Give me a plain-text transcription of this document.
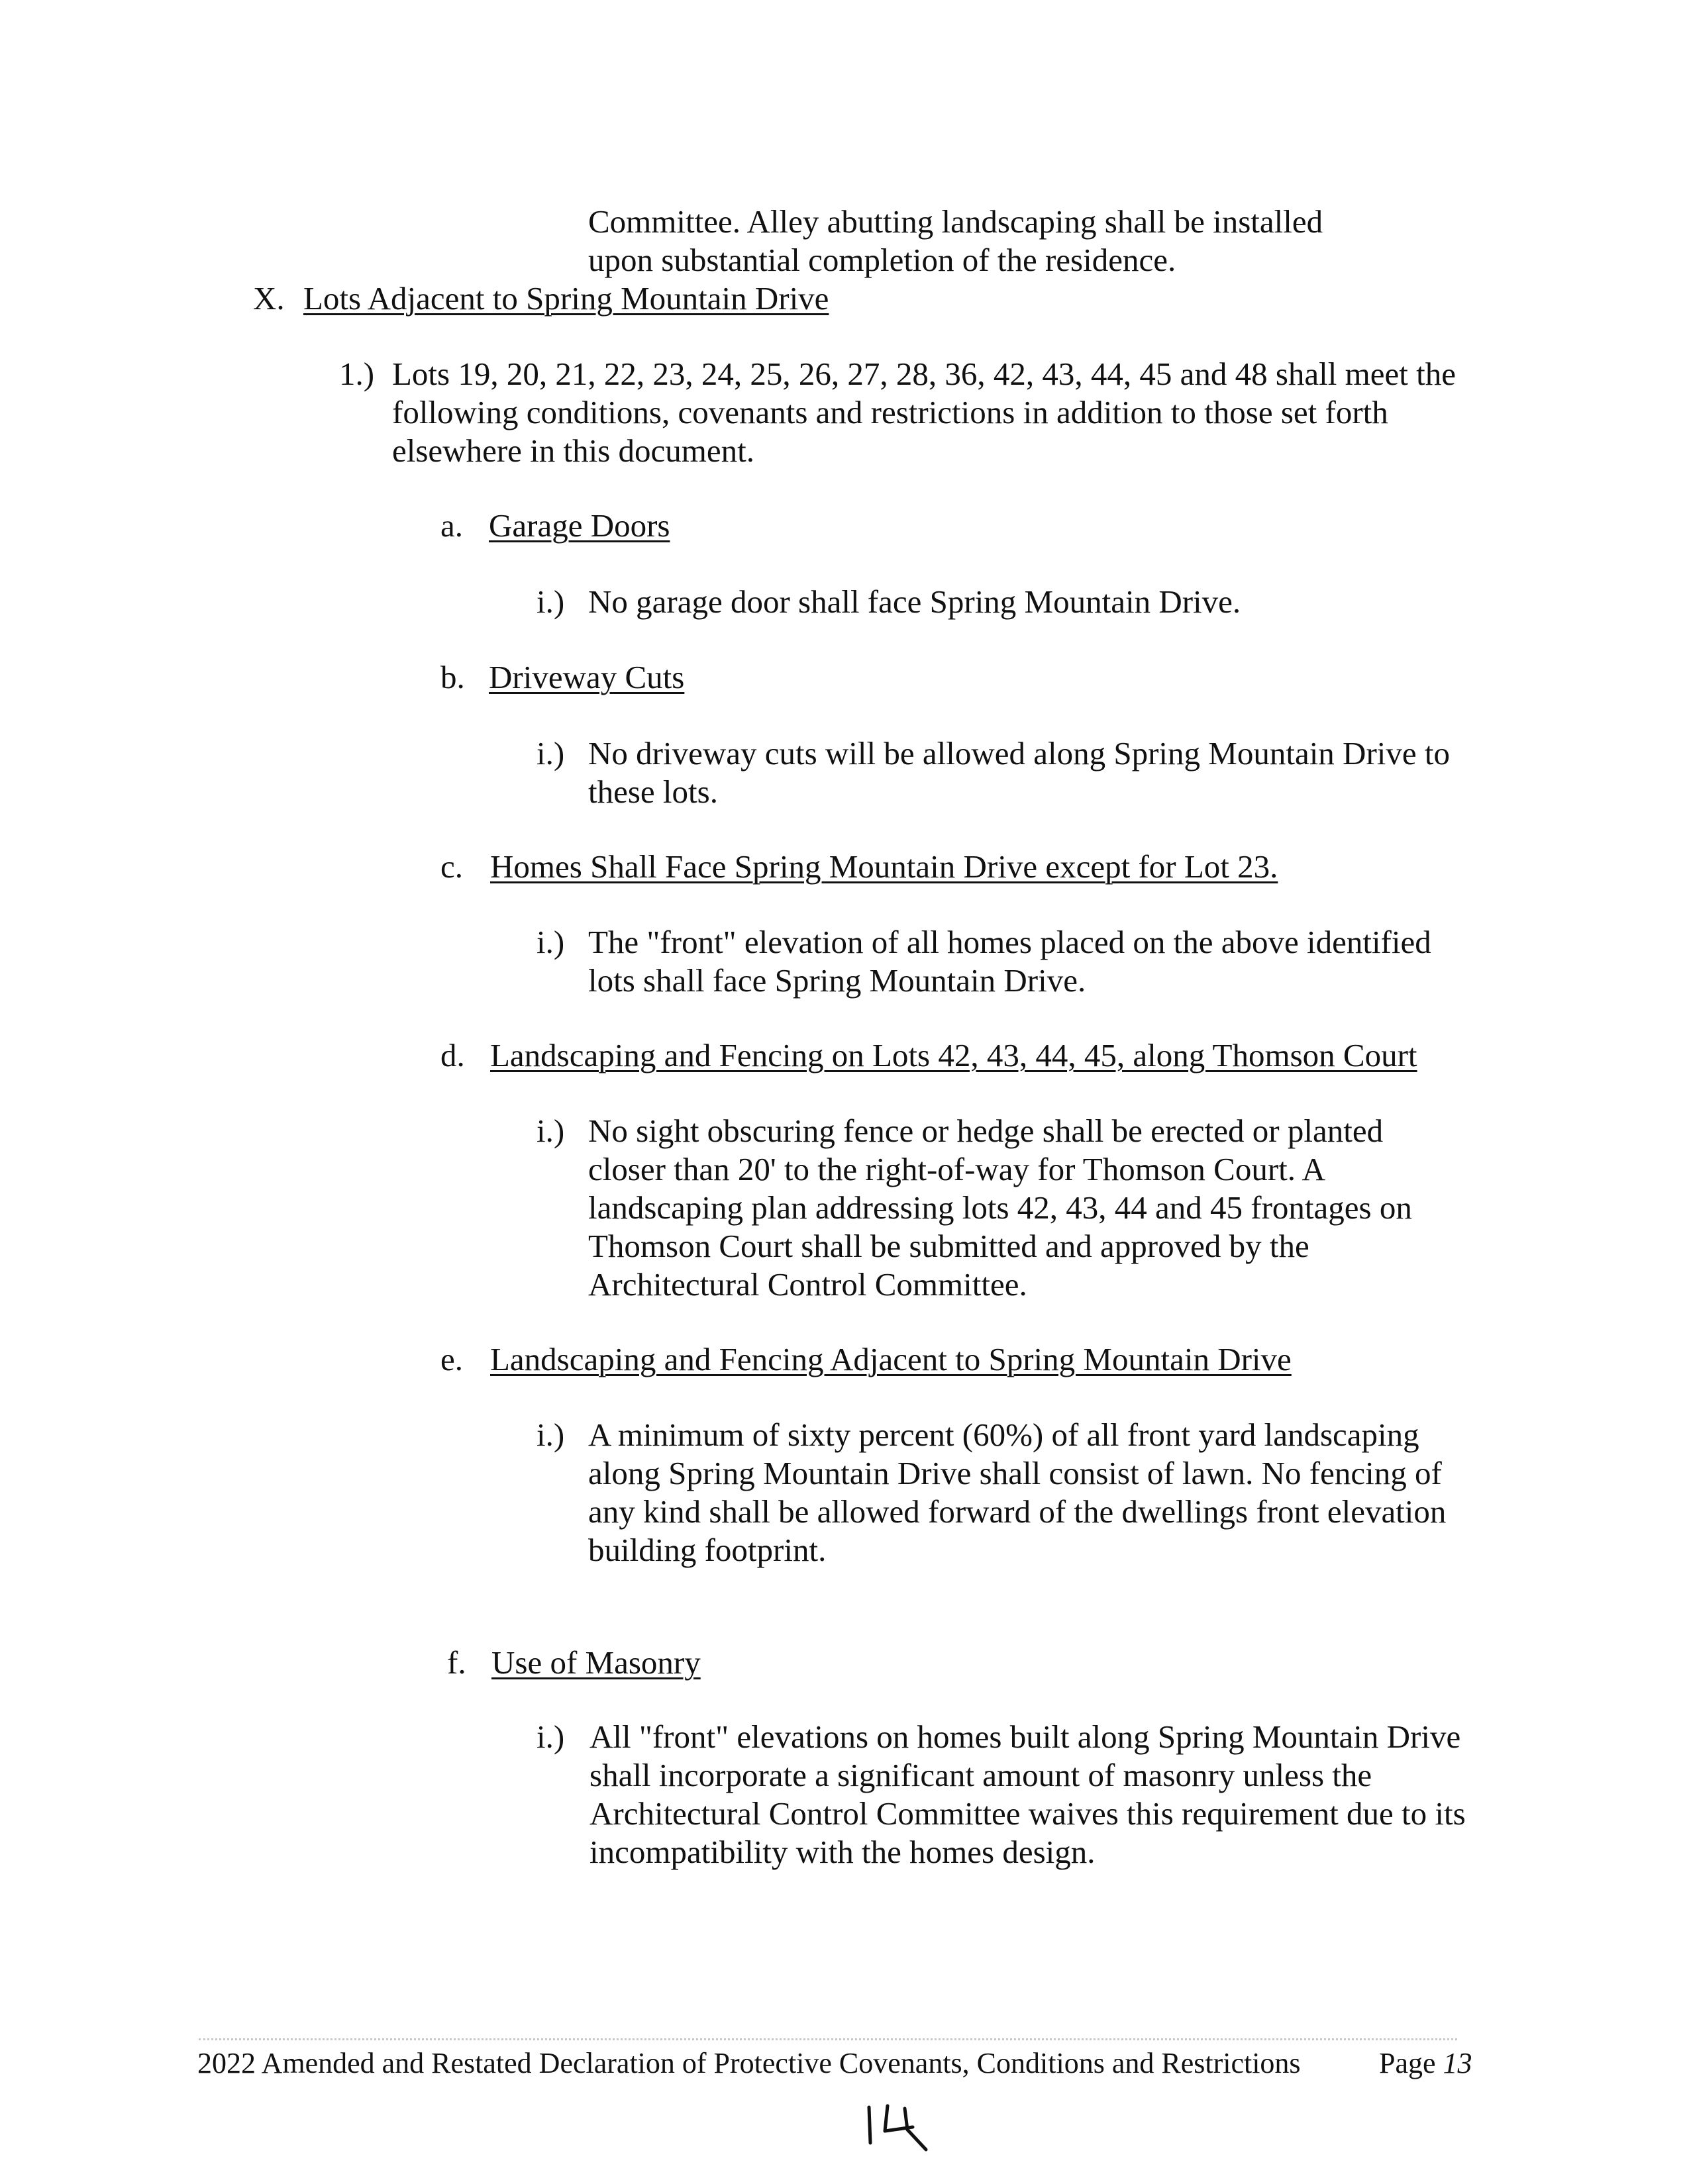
Committee. Alley abutting landscaping shall be installed
upon substantial completion of the residence.
X. Lots Adjacent to Spring Mountain Drive
1.) Lots 19, 20, 21, 22, 23, 24, 25, 26, 27, 28, 36, 42, 43, 44, 45 and 48 shall meet the
following conditions, covenants and restrictions in addition to those set forth
elsewhere in this document.
a. Garage Doors
i.) No garage door shall face Spring Mountain Drive.
b. Driveway Cuts
i.) No driveway cuts will be allowed along Spring Mountain Drive to
these lots.
c. Homes Shall Face Spring Mountain Drive except for Lot 23.
i.) The "front" elevation of all homes placed on the above identified
lots shall face Spring Mountain Drive.
d. Landscaping and Fencing on Lots 42, 43, 44, 45, along Thomson Court
i.) No sight obscuring fence or hedge shall be erected or planted
closer than 20' to the right-of-way for Thomson Court. A
landscaping plan addressing lots 42, 43, 44 and 45 frontages on
Thomson Court shall be submitted and approved by the
Architectural Control Committee.
e. Landscaping and Fencing Adjacent to Spring Mountain Drive
i.) A minimum of sixty percent (60%) of all front yard landscaping
along Spring Mountain Drive shall consist of lawn. No fencing of
any kind shall be allowed forward of the dwellings front elevation
building footprint.
f. Use of Masonry
i.) All "front" elevations on homes built along Spring Mountain Drive
shall incorporate a significant amount of masonry unless the
Architectural Control Committee waives this requirement due to its
incompatibility with the homes design.
2022 Amended and Restated Declaration of Protective Covenants, Conditions and Restrictions	Page 13
